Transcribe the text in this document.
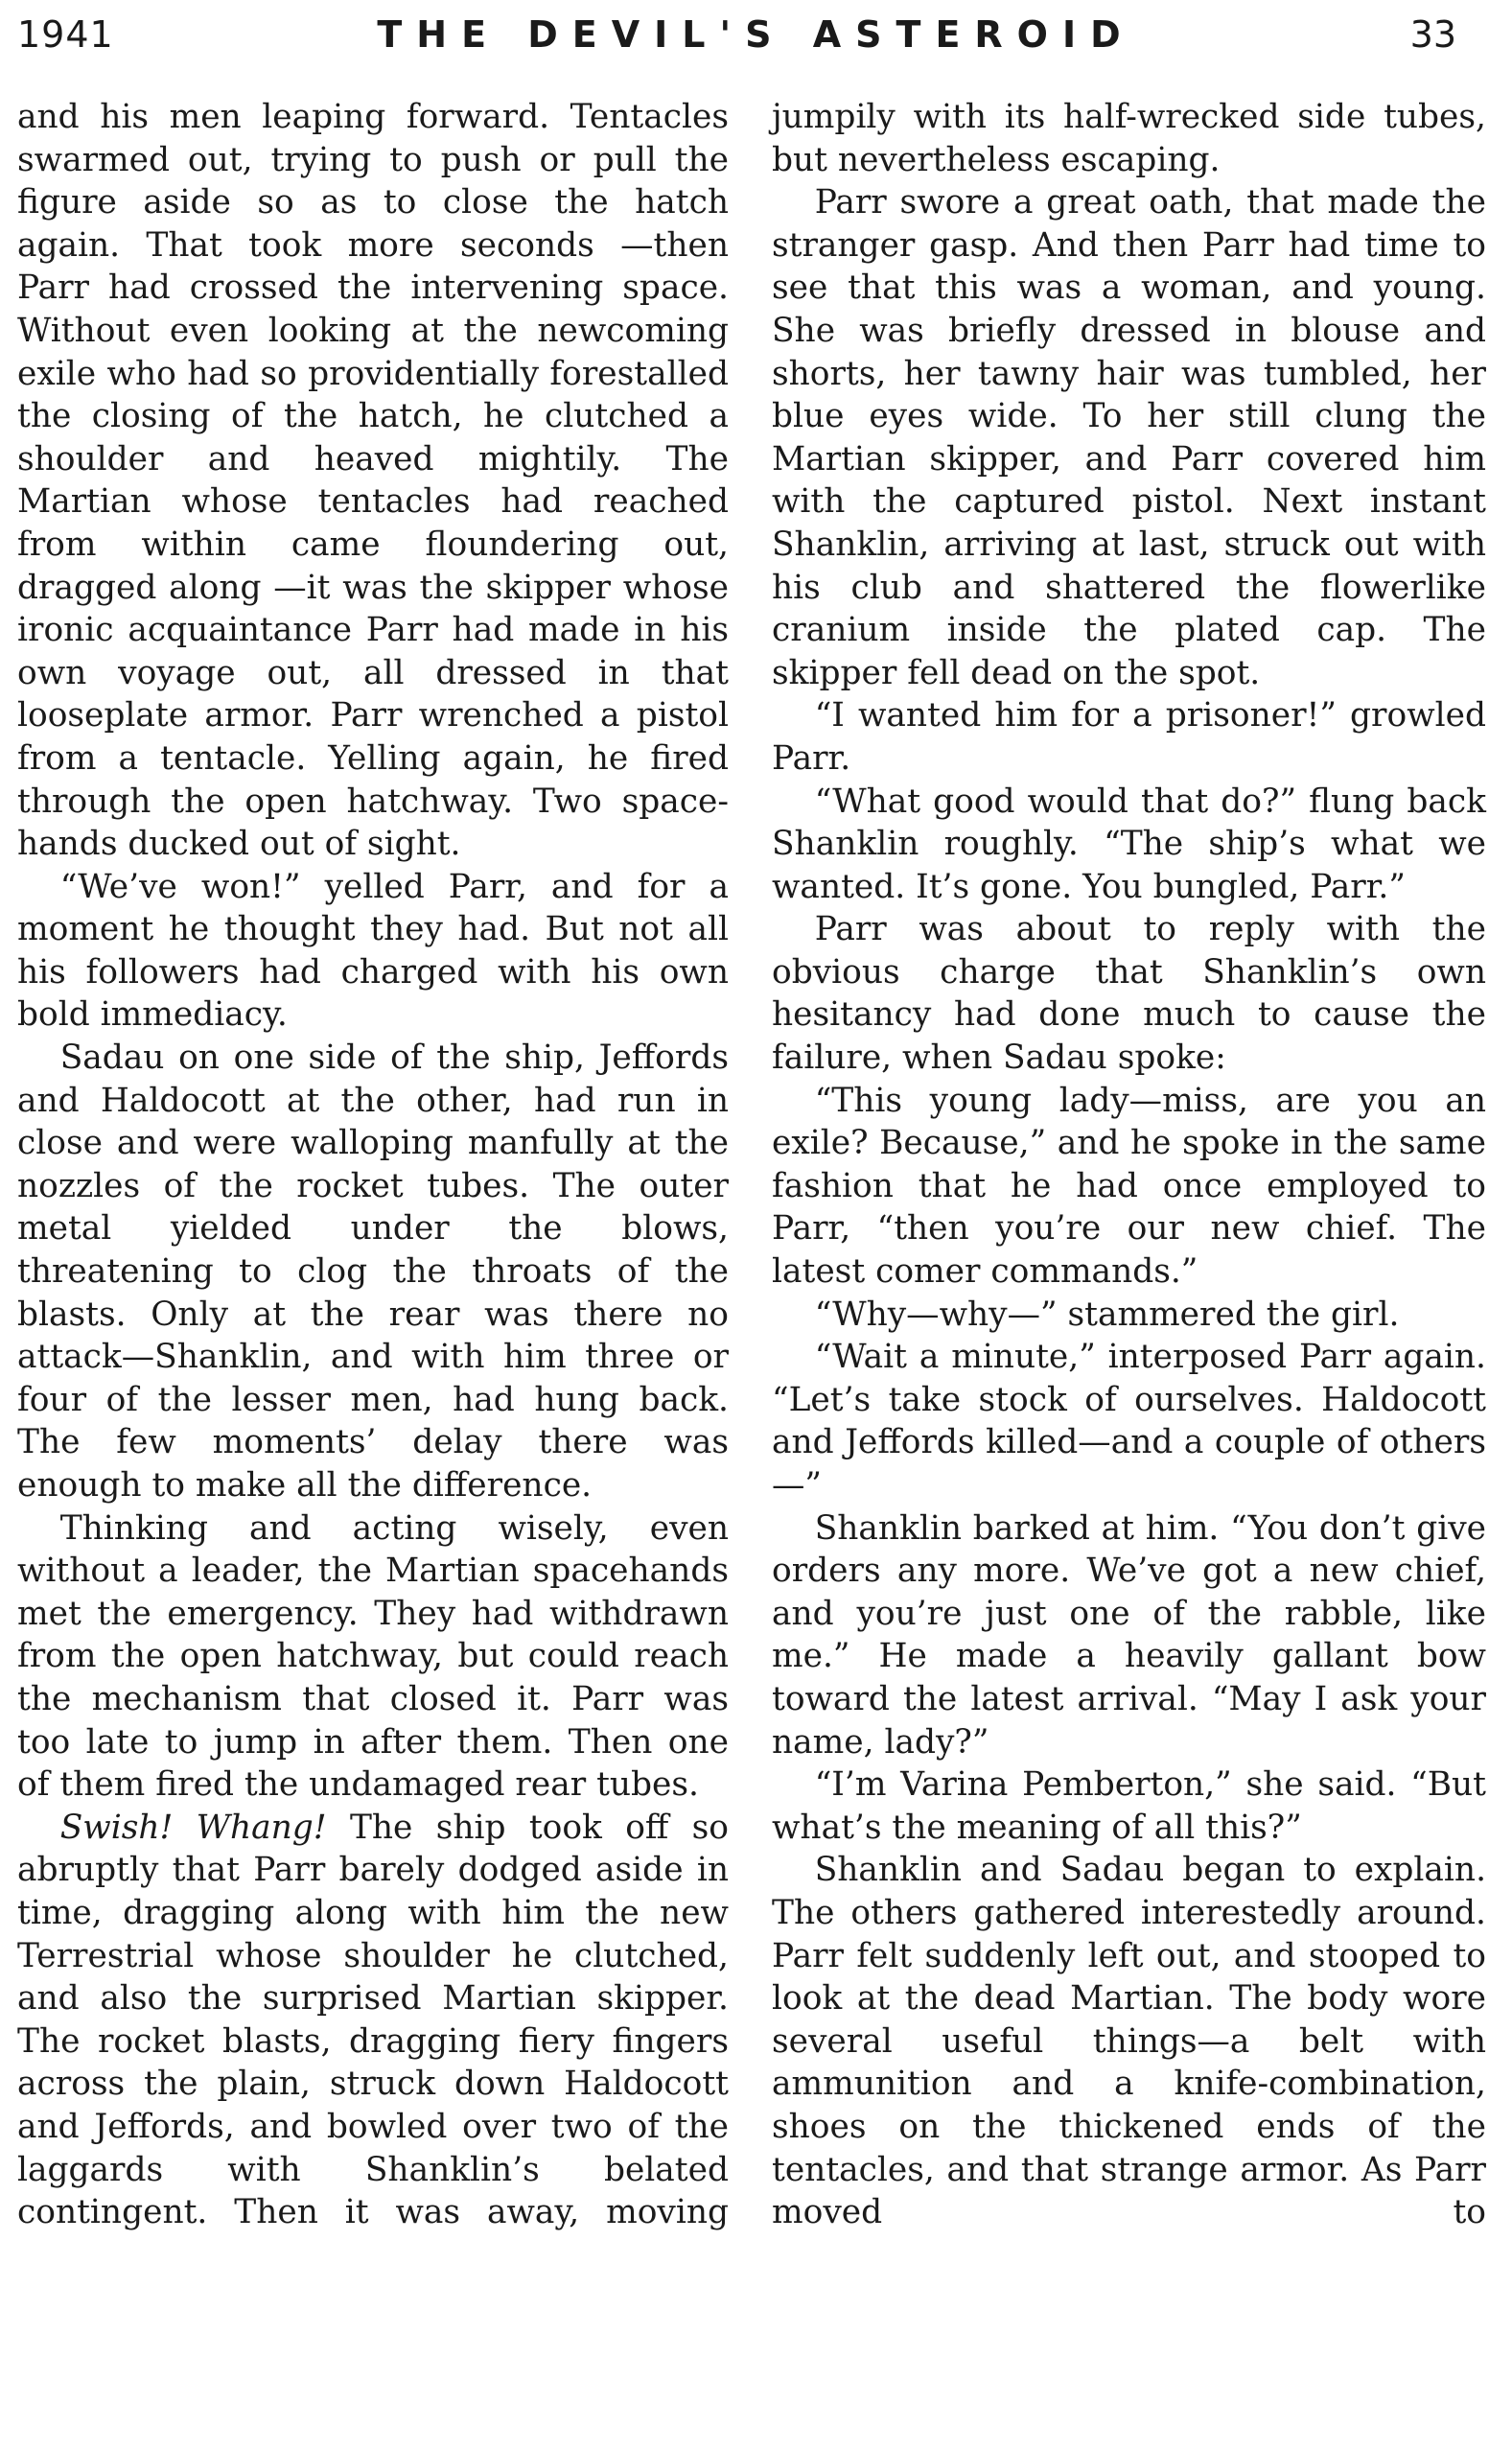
1941	THE DEVIL'S ASTEROID	33

and his men leaping forward. Tentacles swarmed out, trying to push or pull the figure aside so as to close the hatch again. That took more seconds —then Parr had crossed the intervening space. Without even looking at the newcoming exile who had so providentially forestalled the closing of the hatch, he clutched a shoulder and heaved mightily. The Martian whose tentacles had reached from within came floundering out, dragged along —it was the skipper whose ironic acquaintance Parr had made in his own voyage out, all dressed in that looseplate armor. Parr wrenched a pistol from a tentacle. Yelling again, he fired through the open hatchway. Two space-hands ducked out of sight.

“We’ve won!” yelled Parr, and for a moment he thought they had. But not all his followers had charged with his own bold immediacy.

Sadau on one side of the ship, Jeffords and Haldocott at the other, had run in close and were walloping manfully at the nozzles of the rocket tubes. The outer metal yielded under the blows, threatening to clog the throats of the blasts. Only at the rear was there no attack—Shanklin, and with him three or four of the lesser men, had hung back. The few moments’ delay there was enough to make all the difference.

Thinking and acting wisely, even without a leader, the Martian spacehands met the emergency. They had withdrawn from the open hatchway, but could reach the mechanism that closed it. Parr was too late to jump in after them. Then one of them fired the undamaged rear tubes.

Swish! Whang! The ship took off so abruptly that Parr barely dodged aside in time, dragging along with him the new Terrestrial whose shoulder he clutched, and also the surprised Martian skipper. The rocket blasts, dragging fiery fingers across the plain, struck down Haldocott and Jeffords, and bowled over two of the laggards with Shanklin’s belated contingent. Then it was away, moving

jumpily with its half-wrecked side tubes, but nevertheless escaping.

Parr swore a great oath, that made the stranger gasp. And then Parr had time to see that this was a woman, and young. She was briefly dressed in blouse and shorts, her tawny hair was tumbled, her blue eyes wide. To her still clung the Martian skipper, and Parr covered him with the captured pistol. Next instant Shanklin, arriving at last, struck out with his club and shattered the flowerlike cranium inside the plated cap. The skipper fell dead on the spot.

“I wanted him for a prisoner!” growled Parr.

“What good would that do?” flung back Shanklin roughly. “The ship’s what we wanted. It’s gone. You bungled, Parr.”

Parr was about to reply with the obvious charge that Shanklin’s own hesitancy had done much to cause the failure, when Sadau spoke:

“This young lady—miss, are you an exile? Because,” and he spoke in the same fashion that he had once employed to Parr, “then you’re our new chief. The latest comer commands.”

“Why—why—” stammered the girl.

“Wait a minute,” interposed Parr again. “Let’s take stock of ourselves. Haldocott and Jeffords killed—and a couple of others—”

Shanklin barked at him. “You don’t give orders any more. We’ve got a new chief, and you’re just one of the rabble, like me.” He made a heavily gallant bow toward the latest arrival. “May I ask your name, lady?”

“I’m Varina Pemberton,” she said. “But what’s the meaning of all this?”

Shanklin and Sadau began to explain. The others gathered interestedly around. Parr felt suddenly left out, and stooped to look at the dead Martian. The body wore several useful things—a belt with ammunition and a knife-combination, shoes on the thickened ends of the tentacles, and that strange armor. As Parr moved to
